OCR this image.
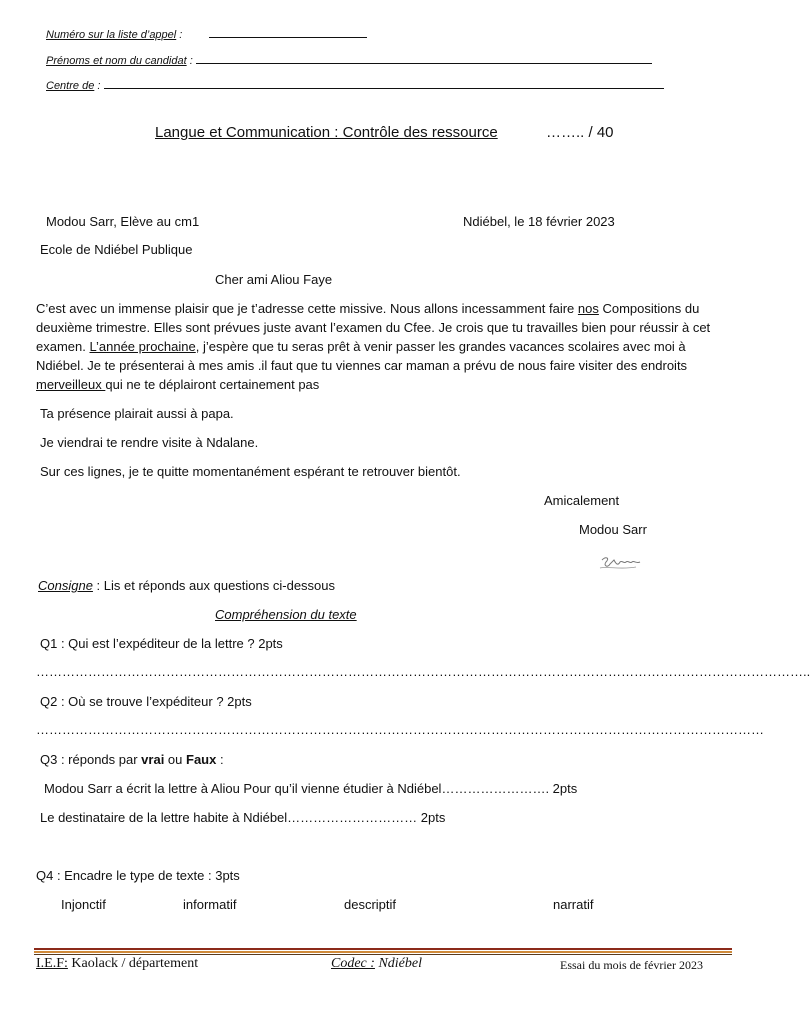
Numéro sur la liste d’appel :
Prénoms et nom du candidat :
Centre de :
Langue et Communication : Contrôle des ressource	…….. / 40
Modou Sarr, Elève au cm1	Ndiébel, le 18 février 2023
Ecole de Ndiébel Publique
Cher ami Aliou Faye
C’est avec un immense plaisir que je t’adresse cette missive. Nous allons incessamment faire nos Compositions du deuxième trimestre. Elles sont prévues juste avant l’examen du Cfee. Je crois que tu travailles bien pour réussir à cet examen. L’année prochaine, j’espère que tu seras prêt à venir passer les grandes vacances scolaires avec moi à Ndiébel. Je te présenterai à mes amis .il faut que tu viennes car maman a prévu de nous faire visiter des endroits merveilleux qui ne te déplairont certainement pas
Ta présence plairait aussi à papa.
Je viendrai te rendre visite à Ndalane.
Sur ces lignes, je te quitte momentanément espérant te retrouver bientôt.
Amicalement
Modou Sarr
Consigne : Lis et réponds aux questions ci-dessous
Compréhension du texte
Q1 : Qui est l’expéditeur de la lettre ? 2pts
……………………………………………………………………………………………………………………………………………………………..
Q2 : Où se trouve l’expéditeur ? 2pts
……………………………………………………………………………………………………………………………………………………
Q3 : réponds par vrai ou Faux :
Modou Sarr a écrit la lettre à Aliou Pour qu’il vienne étudier à Ndiébel……………………. 2pts
Le destinataire de la lettre habite à Ndiébel………………………… 2pts
Q4 : Encadre le type de texte : 3pts
Injonctif	informatif	descriptif	narratif
I.E.F: Kaolack / département	Codec : Ndiébel	Essai du mois de février 2023
